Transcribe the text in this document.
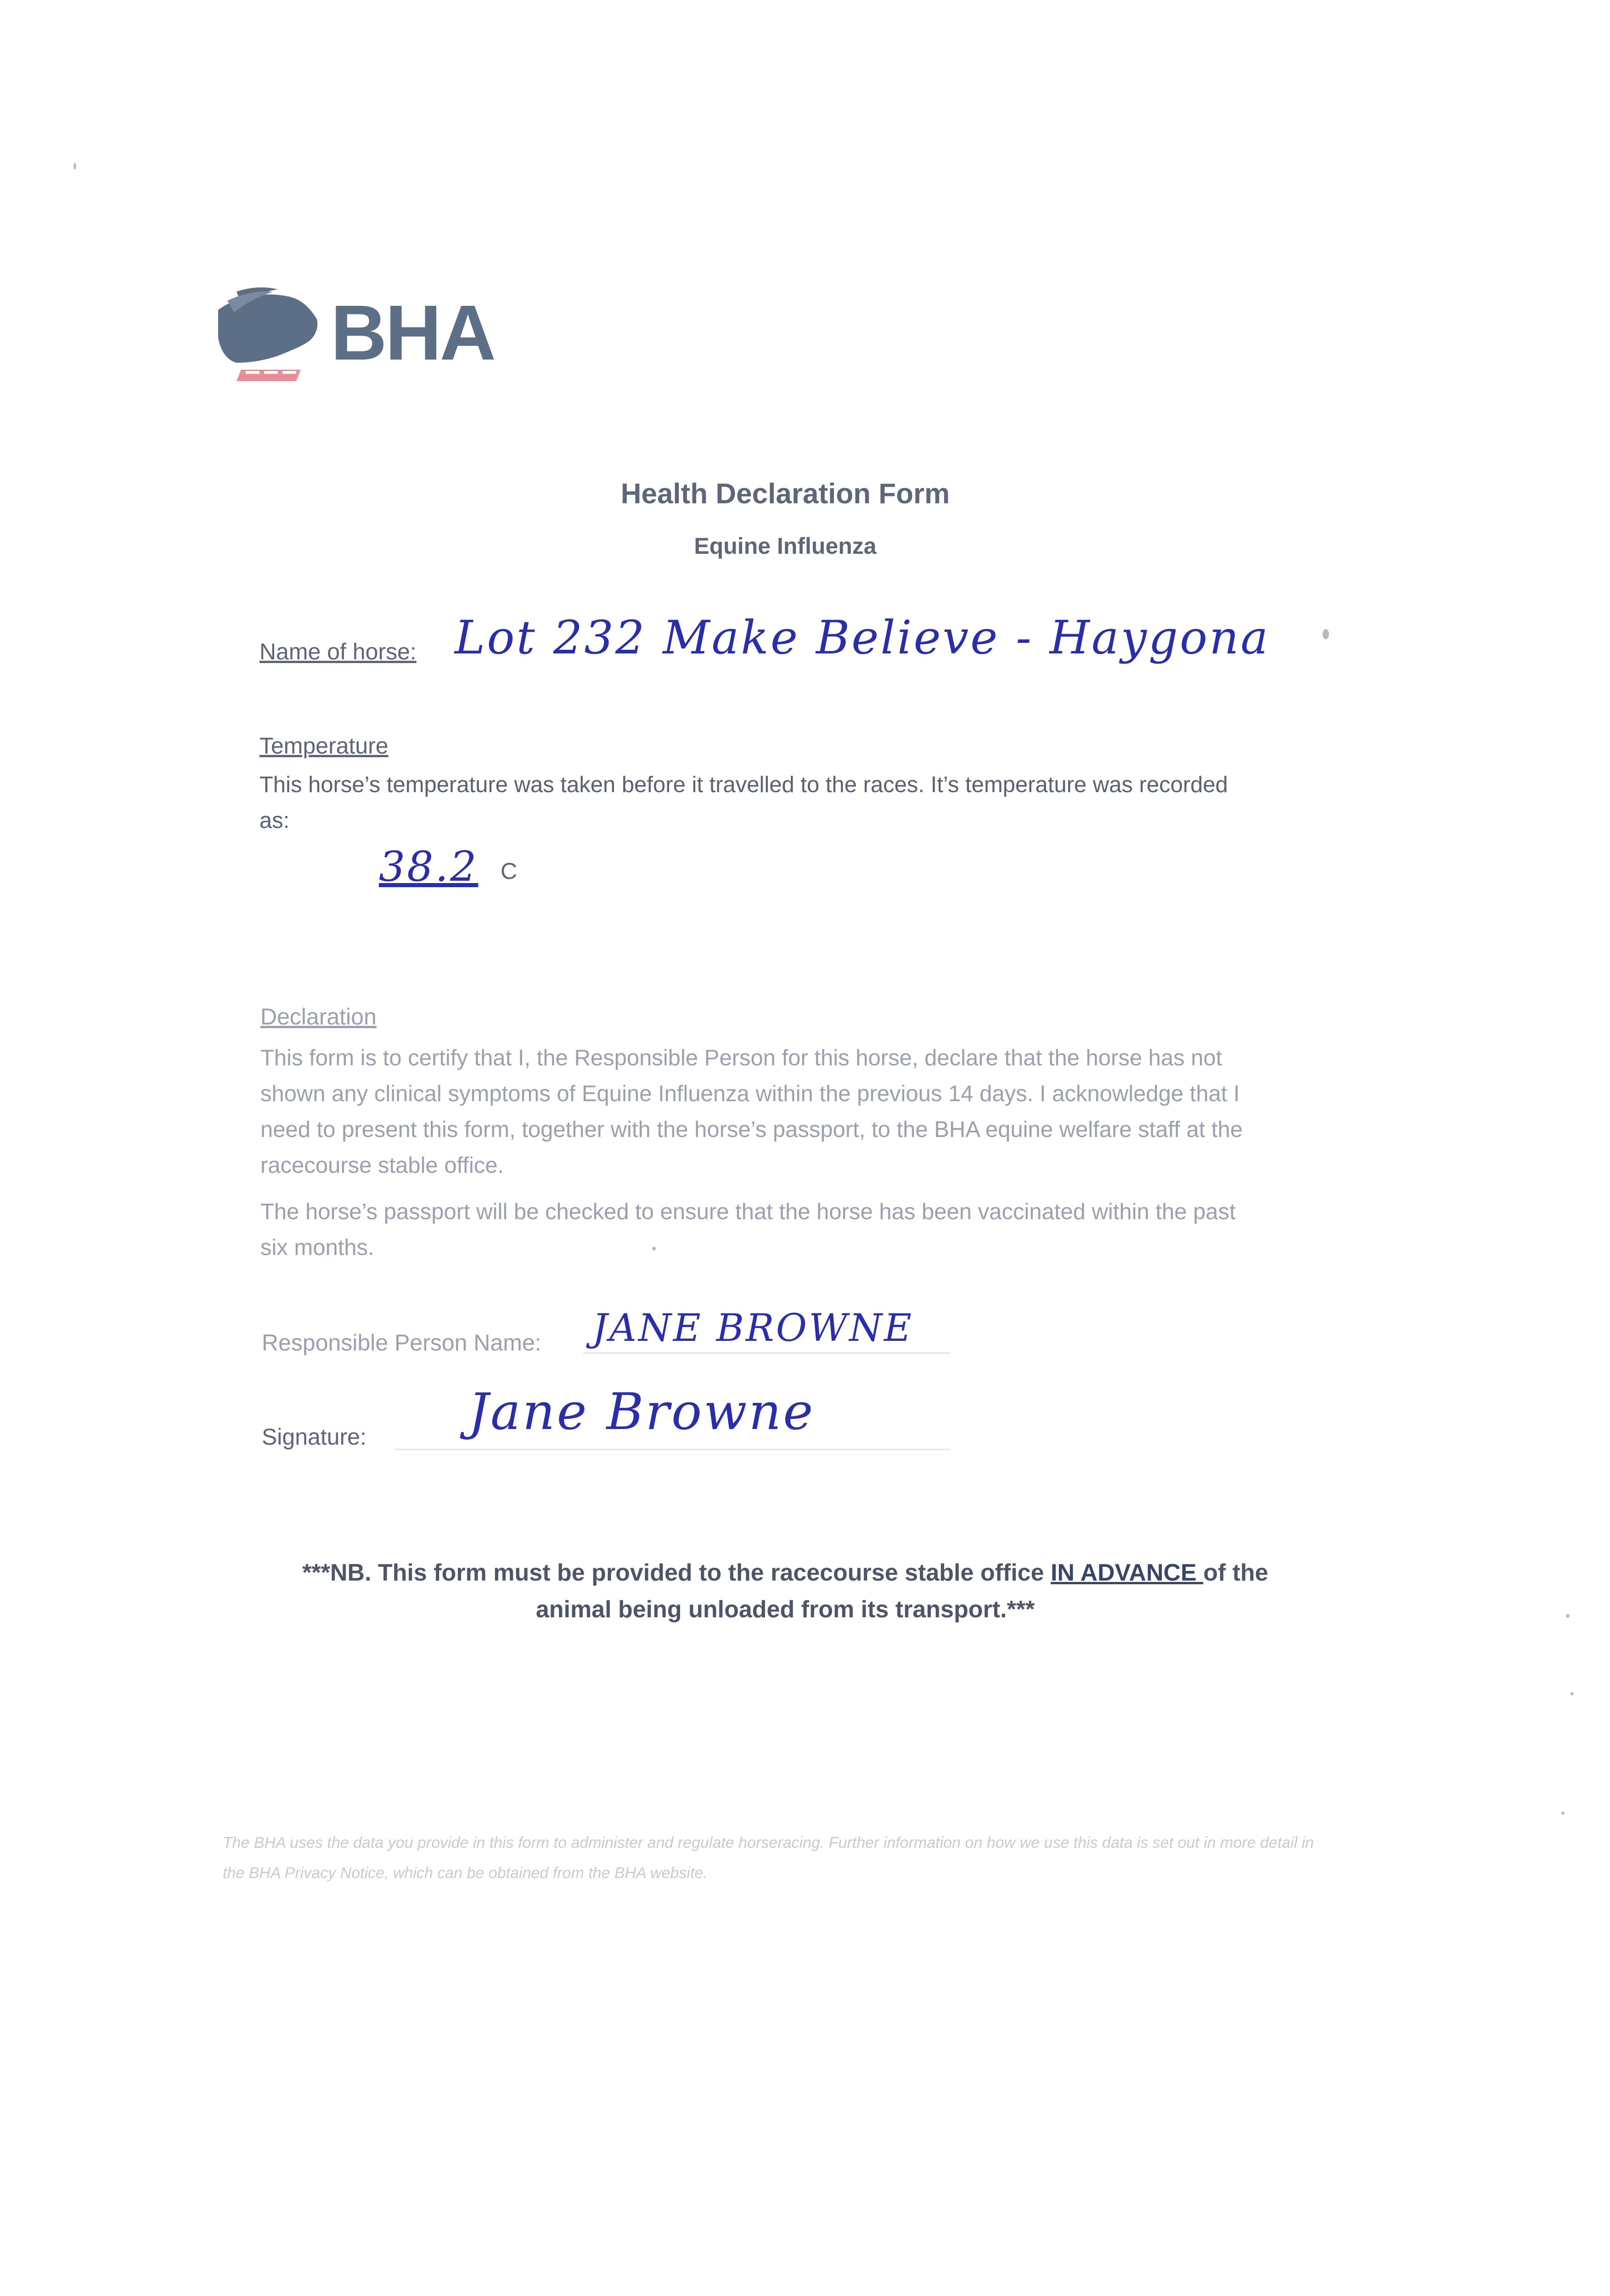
BHA
Health Declaration Form
Equine Influenza
Name of horse: Lot 232 Make Believe - Haygona
Temperature
This horse’s temperature was taken before it travelled to the races. It’s temperature was recorded as:
38.2 C
Declaration
This form is to certify that I, the Responsible Person for this horse, declare that the horse has not shown any clinical symptoms of Equine Influenza within the previous 14 days. I acknowledge that I need to present this form, together with the horse’s passport, to the BHA equine welfare staff at the racecourse stable office.
The horse’s passport will be checked to ensure that the horse has been vaccinated within the past six months.
Responsible Person Name: JANE BROWNE
Signature: Jane Browne
***NB. This form must be provided to the racecourse stable office IN ADVANCE of the
animal being unloaded from its transport.***
The BHA uses the data you provide in this form to administer and regulate horseracing. Further information on how we use this data is set out in more detail in the BHA Privacy Notice, which can be obtained from the BHA website.
